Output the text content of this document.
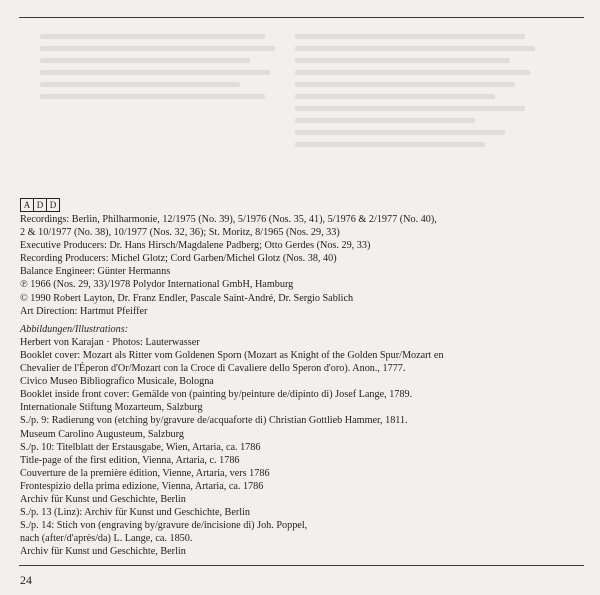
A D D
Recordings: Berlin, Philharmonie, 12/1975 (No. 39), 5/1976 (Nos. 35, 41), 5/1976 & 2/1977 (No. 40),
2 & 10/1977 (No. 38), 10/1977 (Nos. 32, 36); St. Moritz, 8/1965 (Nos. 29, 33)
Executive Producers: Dr. Hans Hirsch/Magdalene Padberg; Otto Gerdes (Nos. 29, 33)
Recording Producers: Michel Glotz; Cord Garben/Michel Glotz (Nos. 38, 40)
Balance Engineer: Günter Hermanns
℗ 1966 (Nos. 29, 33)/1978 Polydor International GmbH, Hamburg
© 1990 Robert Layton, Dr. Franz Endler, Pascale Saint-André, Dr. Sergio Sablich
Art Direction: Hartmut Pfeiffer
Abbildungen/Illustrations:
Herbert von Karajan · Photos: Lauterwasser
Booklet cover: Mozart als Ritter vom Goldenen Sporn (Mozart as Knight of the Golden Spur/Mozart en
Chevalier de l'Éperon d'Or/Mozart con la Croce di Cavaliere dello Speron d'oro). Anon., 1777.
Civico Museo Bibliografico Musicale, Bologna
Booklet inside front cover: Gemälde von (painting by/peinture de/dipinto di) Josef Lange, 1789.
Internationale Stiftung Mozarteum, Salzburg
S./p. 9: Radierung von (etching by/gravure de/acquaforte di) Christian Gottlieb Hammer, 1811.
Museum Carolino Augusteum, Salzburg
S./p. 10: Titelblatt der Erstausgabe, Wien, Artaria, ca. 1786
Title-page of the first edition, Vienna, Artaria, c. 1786
Couverture de la première édition, Vienne, Artaria, vers 1786
Frontespizio della prima edizione, Vienna, Artaria, ca. 1786
Archiv für Kunst und Geschichte, Berlin
S./p. 13 (Linz): Archiv für Kunst und Geschichte, Berlin
S./p. 14: Stich von (engraving by/gravure de/incisione di) Joh. Poppel,
nach (after/d'après/da) L. Lange, ca. 1850.
Archiv für Kunst und Geschichte, Berlin
24
